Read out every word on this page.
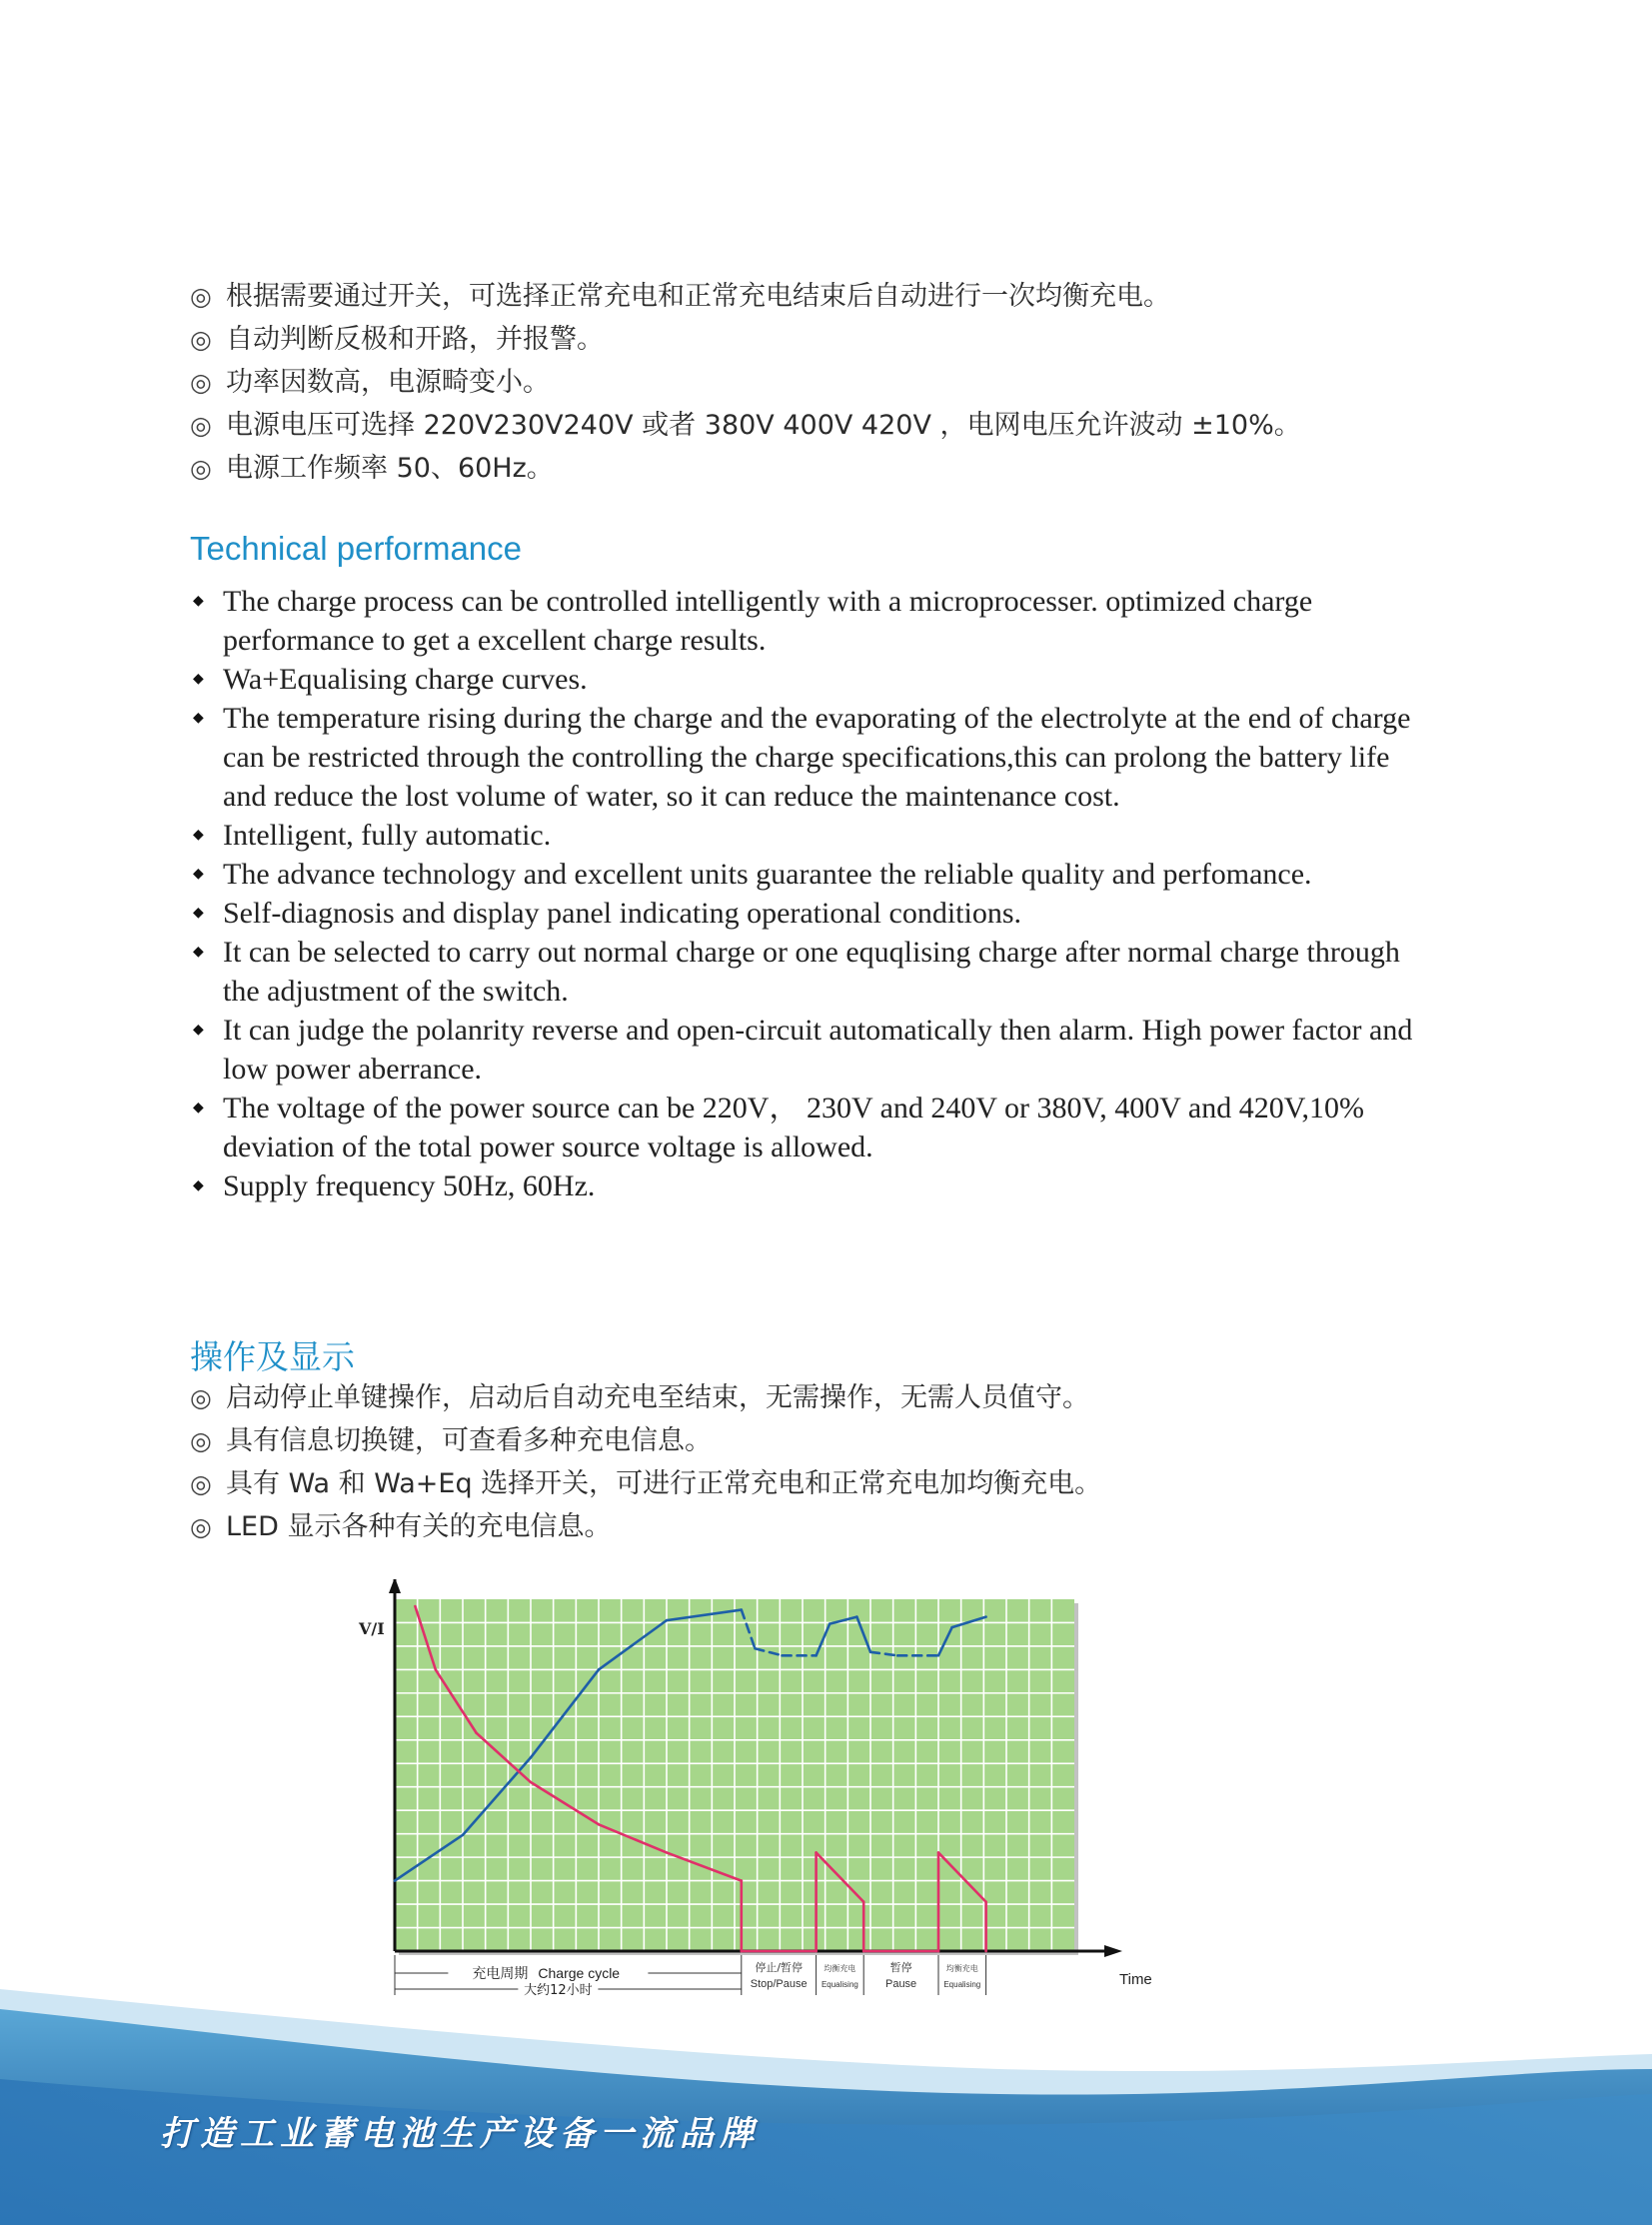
◎ 根据需要通过开关，可选择正常充电和正常充电结束后自动进行一次均衡充电。
◎ 自动判断反极和开路，并报警。
◎ 功率因数高，电源畸变小。
◎ 电源电压可选择 220V230V240V 或者 380V 400V 420V ，电网电压允许波动 ±10%。
◎ 电源工作频率 50、60Hz。
Technical performance
◆ The charge process can be controlled intelligently with a microprocesser. optimized charge performance to get a excellent charge results.
◆ Wa+Equalising charge curves.
◆ The temperature rising during the charge and the evaporating of the electrolyte at the end of charge can be restricted through the controlling the charge specifications,this can prolong the battery life and reduce the lost volume of water, so it can reduce the maintenance cost.
◆ Intelligent, fully automatic.
◆ The advance technology and excellent units guarantee the reliable quality and perfomance.
◆ Self-diagnosis and display panel indicating operational conditions.
◆ It can be selected to carry out normal charge or one equqlising charge after normal charge through the adjustment of the switch.
◆ It can judge the polanrity reverse and open-circuit automatically then alarm. High power factor and low power aberrance.
◆ The voltage of the power source can be 220V， 230V and 240V or 380V, 400V and 420V,10% deviation of the total power source voltage is allowed.
◆ Supply frequency 50Hz, 60Hz.
操作及显示
◎ 启动停止单键操作，启动后自动充电至结束，无需操作，无需人员值守。
◎ 具有信息切换键，可查看多种充电信息。
◎ 具有 Wa 和 Wa+Eq 选择开关，可进行正常充电和正常充电加均衡充电。
◎ LED 显示各种有关的充电信息。
V/I
Time
充电周期 Charge cycle
大约12小时
停止/暂停
Stop/Pause
均衡充电
Equalising
暂停
Pause
均衡充电
Equalising
打造工业蓄电池生产设备一流品牌
